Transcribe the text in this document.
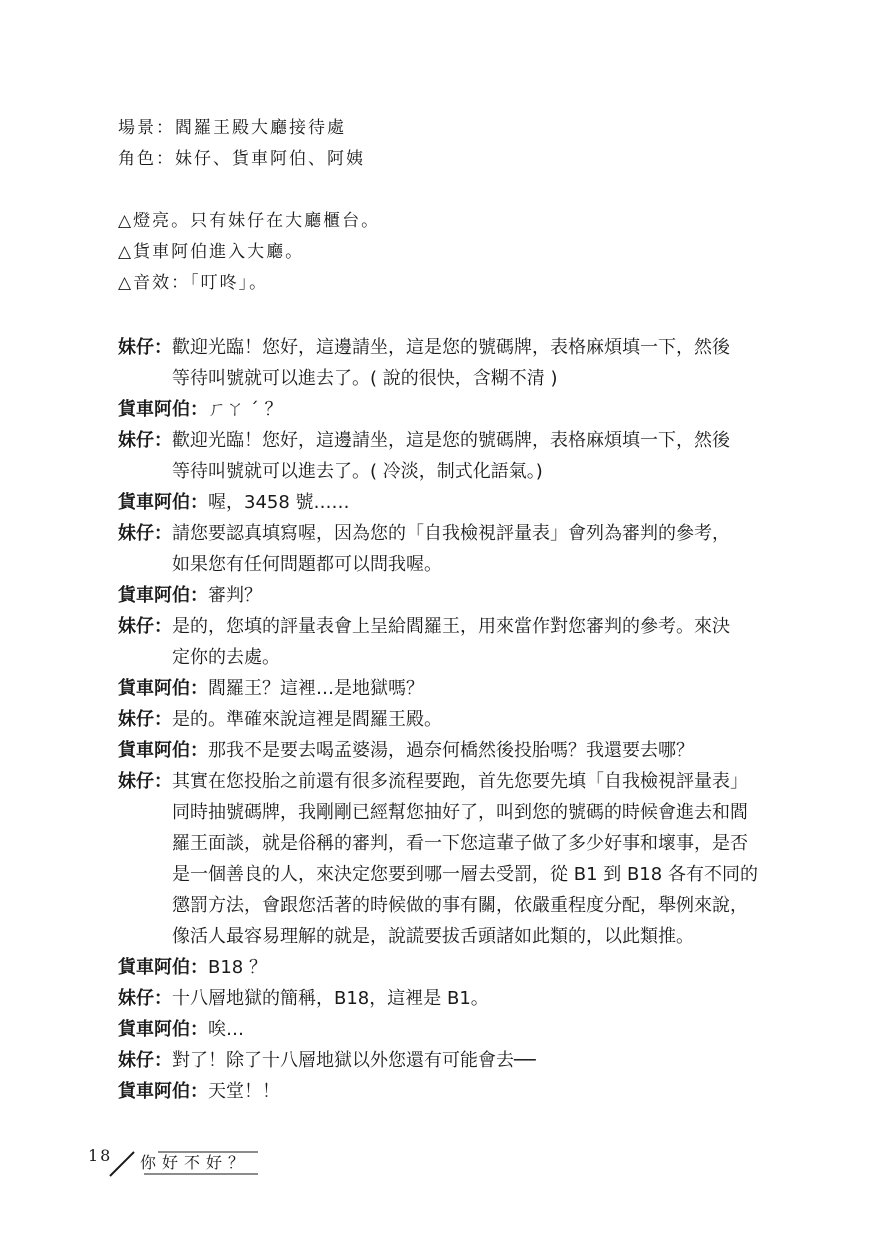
場景：閻羅王殿大廳接待處
角色：妹仔、貨車阿伯、阿姨
△燈亮。只有妹仔在大廳櫃台。
△貨車阿伯進入大廳。
△音效：「叮咚」。
妹仔： 歡迎光臨！您好，這邊請坐，這是您的號碼牌，表格麻煩填一下，然後
等待叫號就可以進去了。( 說的很快，含糊不清 )
貨車阿伯： ㄏㄚ ˊ ？
妹仔： 歡迎光臨！您好，這邊請坐，這是您的號碼牌，表格麻煩填一下，然後
等待叫號就可以進去了。( 冷淡，制式化語氣。)
貨車阿伯： 喔，3458 號……
妹仔： 請您要認真填寫喔，因為您的「自我檢視評量表」會列為審判的參考，
如果您有任何問題都可以問我喔。
貨車阿伯： 審判？
妹仔： 是的，您填的評量表會上呈給閻羅王，用來當作對您審判的參考。來決
定你的去處。
貨車阿伯： 閻羅王？這裡…是地獄嗎？
妹仔： 是的。準確來說這裡是閻羅王殿。
貨車阿伯： 那我不是要去喝孟婆湯，過奈何橋然後投胎嗎？我還要去哪？
妹仔： 其實在您投胎之前還有很多流程要跑，首先您要先填「自我檢視評量表」
同時抽號碼牌，我剛剛已經幫您抽好了，叫到您的號碼的時候會進去和閻
羅王面談，就是俗稱的審判，看一下您這輩子做了多少好事和壞事，是否
是一個善良的人，來決定您要到哪一層去受罰，從 B1 到 B18 各有不同的
懲罰方法，會跟您活著的時候做的事有關，依嚴重程度分配，舉例來說，
像活人最容易理解的就是，說謊要拔舌頭諸如此類的，以此類推。
貨車阿伯： B18 ？
妹仔： 十八層地獄的簡稱，B18，這裡是 B1。
貨車阿伯： 唉…
妹仔： 對了！除了十八層地獄以外您還有可能會去──
貨車阿伯： 天堂！！
18 你好不好？
